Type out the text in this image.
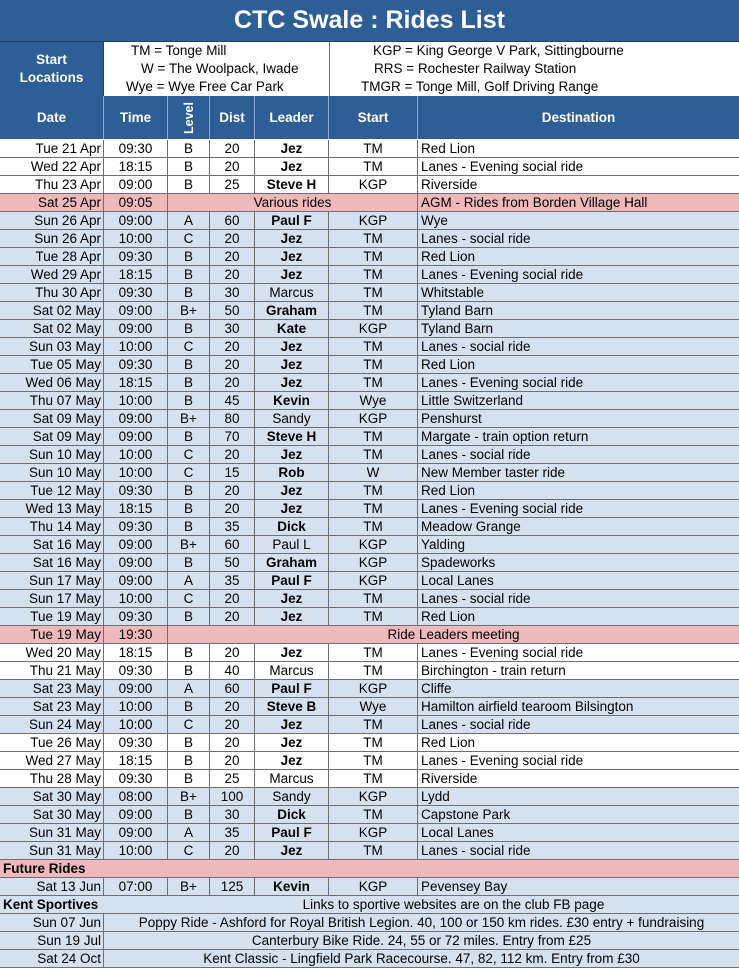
CTC Swale : Rides List
Start
Locations
TM = Tonge Mill
W = The Woolpack, Iwade
Wye = Wye Free Car Park
KGP = King George V Park, Sittingbourne
RRS = Rochester Railway Station
TMGR = Tonge Mill, Golf Driving Range
Date	Time	Level	Dist	Leader	Start	Destination
Tue 21 Apr	09:30	B	20	Jez	TM	Red Lion
Wed 22 Apr	18:15	B	20	Jez	TM	Lanes - Evening social ride
Thu 23 Apr	09:00	B	25	Steve H	KGP	Riverside
Sat 25 Apr	09:05	Various rides	AGM - Rides from Borden Village Hall
Sun 26 Apr	09:00	A	60	Paul F	KGP	Wye
Sun 26 Apr	10:00	C	20	Jez	TM	Lanes - social ride
Tue 28 Apr	09:30	B	20	Jez	TM	Red Lion
Wed 29 Apr	18:15	B	20	Jez	TM	Lanes - Evening social ride
Thu 30 Apr	09:30	B	30	Marcus	TM	Whitstable
Sat 02 May	09:00	B+	50	Graham	TM	Tyland Barn
Sat 02 May	09:00	B	30	Kate	KGP	Tyland Barn
Sun 03 May	10:00	C	20	Jez	TM	Lanes - social ride
Tue 05 May	09:30	B	20	Jez	TM	Red Lion
Wed 06 May	18:15	B	20	Jez	TM	Lanes - Evening social ride
Thu 07 May	10:00	B	45	Kevin	Wye	Little Switzerland
Sat 09 May	09:00	B+	80	Sandy	KGP	Penshurst
Sat 09 May	09:00	B	70	Steve H	TM	Margate - train option return
Sun 10 May	10:00	C	20	Jez	TM	Lanes - social ride
Sun 10 May	10:00	C	15	Rob	W	New Member taster ride
Tue 12 May	09:30	B	20	Jez	TM	Red Lion
Wed 13 May	18:15	B	20	Jez	TM	Lanes - Evening social ride
Thu 14 May	09:30	B	35	Dick	TM	Meadow Grange
Sat 16 May	09:00	B+	60	Paul L	KGP	Yalding
Sat 16 May	09:00	B	50	Graham	KGP	Spadeworks
Sun 17 May	09:00	A	35	Paul F	KGP	Local Lanes
Sun 17 May	10:00	C	20	Jez	TM	Lanes - social ride
Tue 19 May	09:30	B	20	Jez	TM	Red Lion
Tue 19 May	19:30	Ride Leaders meeting
Wed 20 May	18:15	B	20	Jez	TM	Lanes - Evening social ride
Thu 21 May	09:30	B	40	Marcus	TM	Birchington - train return
Sat 23 May	09:00	A	60	Paul F	KGP	Cliffe
Sat 23 May	10:00	B	20	Steve B	Wye	Hamilton airfield tearoom Bilsington
Sun 24 May	10:00	C	20	Jez	TM	Lanes - social ride
Tue 26 May	09:30	B	20	Jez	TM	Red Lion
Wed 27 May	18:15	B	20	Jez	TM	Lanes - Evening social ride
Thu 28 May	09:30	B	25	Marcus	TM	Riverside
Sat 30 May	08:00	B+	100	Sandy	KGP	Lydd
Sat 30 May	09:00	B	30	Dick	TM	Capstone Park
Sun 31 May	09:00	A	35	Paul F	KGP	Local Lanes
Sun 31 May	10:00	C	20	Jez	TM	Lanes - social ride
Future Rides
Sat 13 Jun	07:00	B+	125	Kevin	KGP	Pevensey Bay
Kent Sportives	Links to sportive websites are on the club FB page
Sun 07 Jun	Poppy Ride - Ashford for Royal British Legion. 40, 100 or 150 km rides. £30 entry + fundraising
Sun 19 Jul	Canterbury Bike Ride. 24, 55 or 72 miles. Entry from £25
Sat 24 Oct	Kent Classic - Lingfield Park Racecourse. 47, 82, 112 km. Entry from £30
